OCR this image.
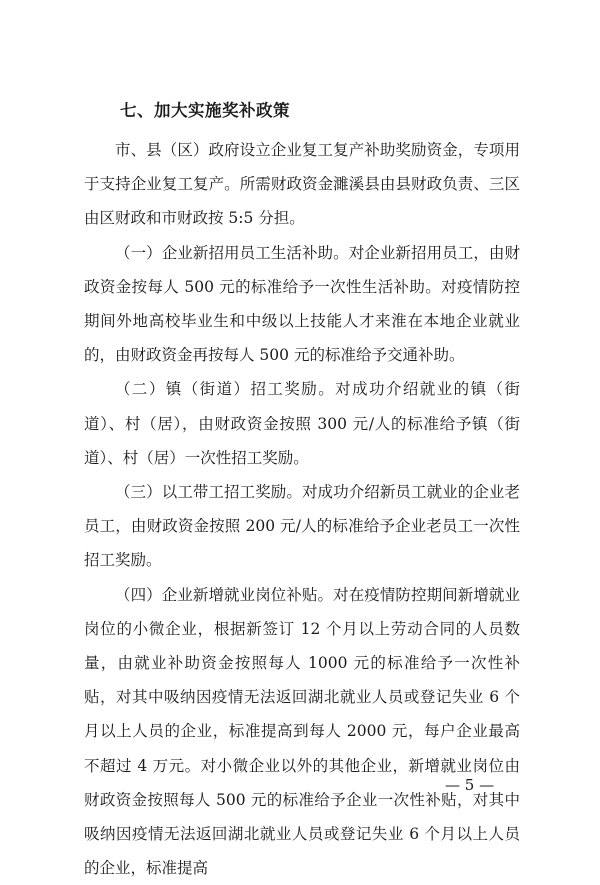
七、加大实施奖补政策

市、县（区）政府设立企业复工复产补助奖励资金，专项用于支持企业复工复产。所需财政资金濉溪县由县财政负责、三区由区财政和市财政按 5:5 分担。

（一）企业新招用员工生活补助。对企业新招用员工，由财政资金按每人 500 元的标准给予一次性生活补助。对疫情防控期间外地高校毕业生和中级以上技能人才来淮在本地企业就业的，由财政资金再按每人 500 元的标准给予交通补助。

（二）镇（街道）招工奖励。对成功介绍就业的镇（街道）、村（居），由财政资金按照 300 元/人的标准给予镇（街道）、村（居）一次性招工奖励。

（三）以工带工招工奖励。对成功介绍新员工就业的企业老员工，由财政资金按照 200 元/人的标准给予企业老员工一次性招工奖励。

（四）企业新增就业岗位补贴。对在疫情防控期间新增就业岗位的小微企业，根据新签订 12 个月以上劳动合同的人员数量，由就业补助资金按照每人 1000 元的标准给予一次性补贴，对其中吸纳因疫情无法返回湖北就业人员或登记失业 6 个月以上人员的企业，标准提高到每人 2000 元，每户企业最高不超过 4 万元。对小微企业以外的其他企业，新增就业岗位由财政资金按照每人 500 元的标准给予企业一次性补贴，对其中吸纳因疫情无法返回湖北就业人员或登记失业 6 个月以上人员的企业，标准提高

— 5 —
